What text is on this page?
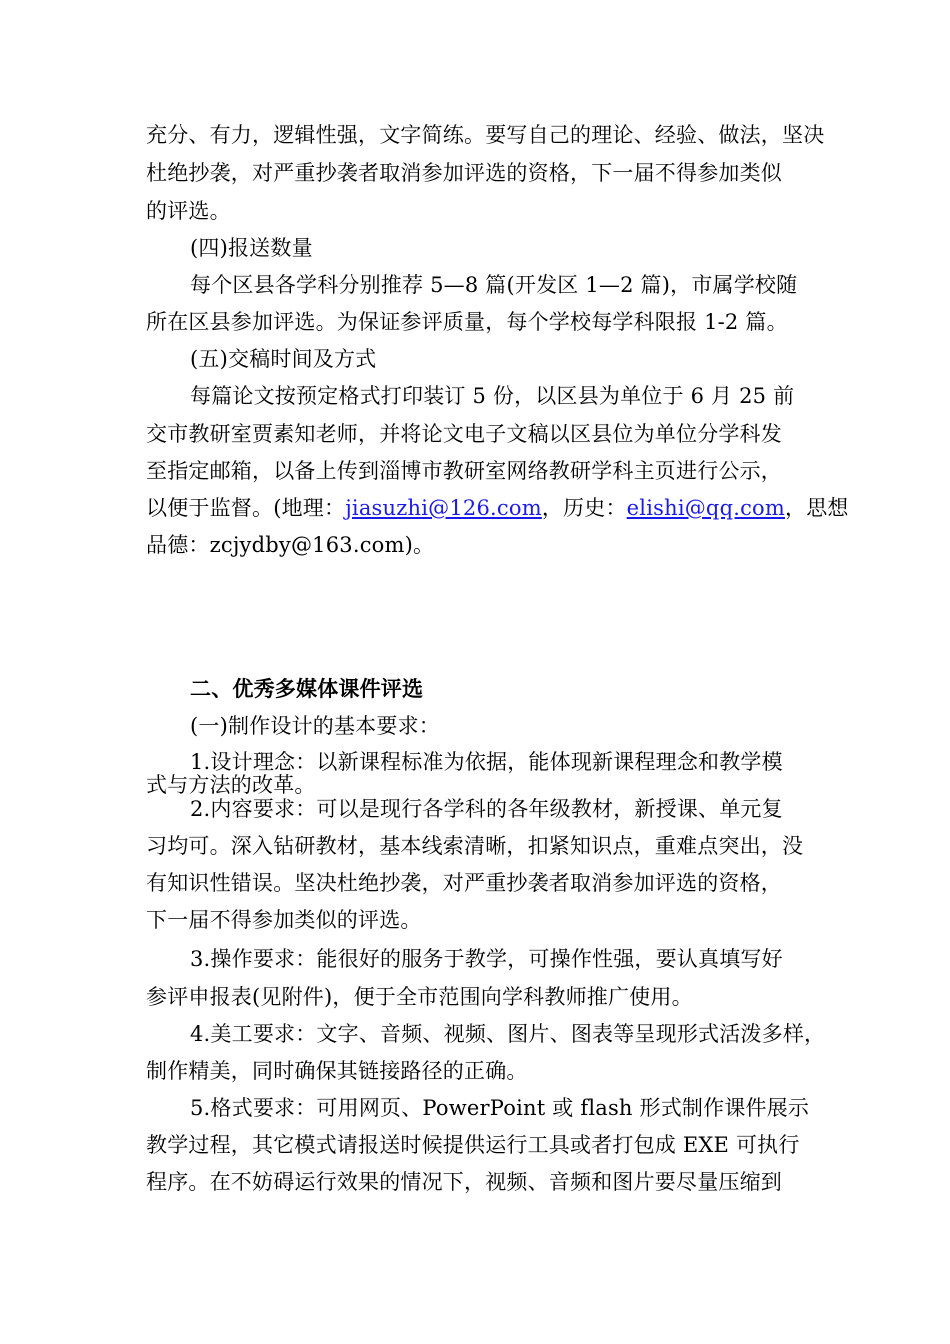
充分、有力，逻辑性强，文字简练。要写自己的理论、经验、做法，坚决
杜绝抄袭，对严重抄袭者取消参加评选的资格，下一届不得参加类似
的评选。
(四)报送数量
每个区县各学科分别推荐 5—8 篇(开发区 1—2 篇)，市属学校随
所在区县参加评选。为保证参评质量，每个学校每学科限报 1-2 篇。
(五)交稿时间及方式
每篇论文按预定格式打印装订 5 份，以区县为单位于 6 月 25 前
交市教研室贾素知老师，并将论文电子文稿以区县位为单位分学科发
至指定邮箱，以备上传到淄博市教研室网络教研学科主页进行公示，
以便于监督。(地理：jiasuzhi@126.com，历史：elishi@qq.com，思想
品德：zcjydby@163.com)。
二、优秀多媒体课件评选
(一)制作设计的基本要求：
1.设计理念：以新课程标准为依据，能体现新课程理念和教学模
式与方法的改革。
2.内容要求：可以是现行各学科的各年级教材，新授课、单元复
习均可。深入钻研教材，基本线索清晰，扣紧知识点，重难点突出，没
有知识性错误。坚决杜绝抄袭，对严重抄袭者取消参加评选的资格，
下一届不得参加类似的评选。
3.操作要求：能很好的服务于教学，可操作性强，要认真填写好
参评申报表(见附件)，便于全市范围向学科教师推广使用。
4.美工要求：文字、音频、视频、图片、图表等呈现形式活泼多样，
制作精美，同时确保其链接路径的正确。
5.格式要求：可用网页、PowerPoint 或 flash 形式制作课件展示
教学过程，其它模式请报送时候提供运行工具或者打包成 EXE 可执行
程序。在不妨碍运行效果的情况下，视频、音频和图片要尽量压缩到
